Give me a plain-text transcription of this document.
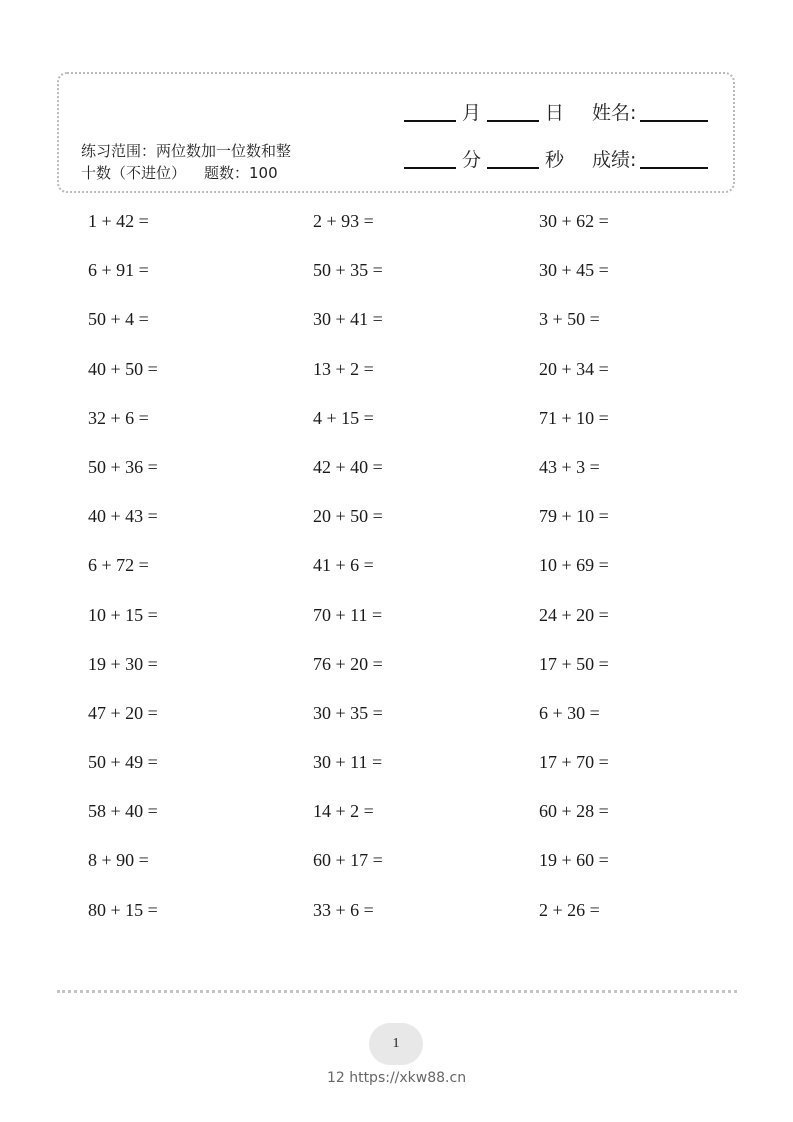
月	日 姓名:
分	秒 成绩:
练习范围：两位数加一位数和整
十数（不进位） 题数：100
1 + 42 =	2 + 93 =	30 + 62 =
6 + 91 =	50 + 35 =	30 + 45 =
50 + 4 =	30 + 41 =	3 + 50 =
40 + 50 =	13 + 2 =	20 + 34 =
32 + 6 =	4 + 15 =	71 + 10 =
50 + 36 =	42 + 40 =	43 + 3 =
40 + 43 =	20 + 50 =	79 + 10 =
6 + 72 =	41 + 6 =	10 + 69 =
10 + 15 =	70 + 11 =	24 + 20 =
19 + 30 =	76 + 20 =	17 + 50 =
47 + 20 =	30 + 35 =	6 + 30 =
50 + 49 =	30 + 11 =	17 + 70 =
58 + 40 =	14 + 2 =	60 + 28 =
8 + 90 =	60 + 17 =	19 + 60 =
80 + 15 =	33 + 6 =	2 + 26 =
1
12 https://xkw88.cn
